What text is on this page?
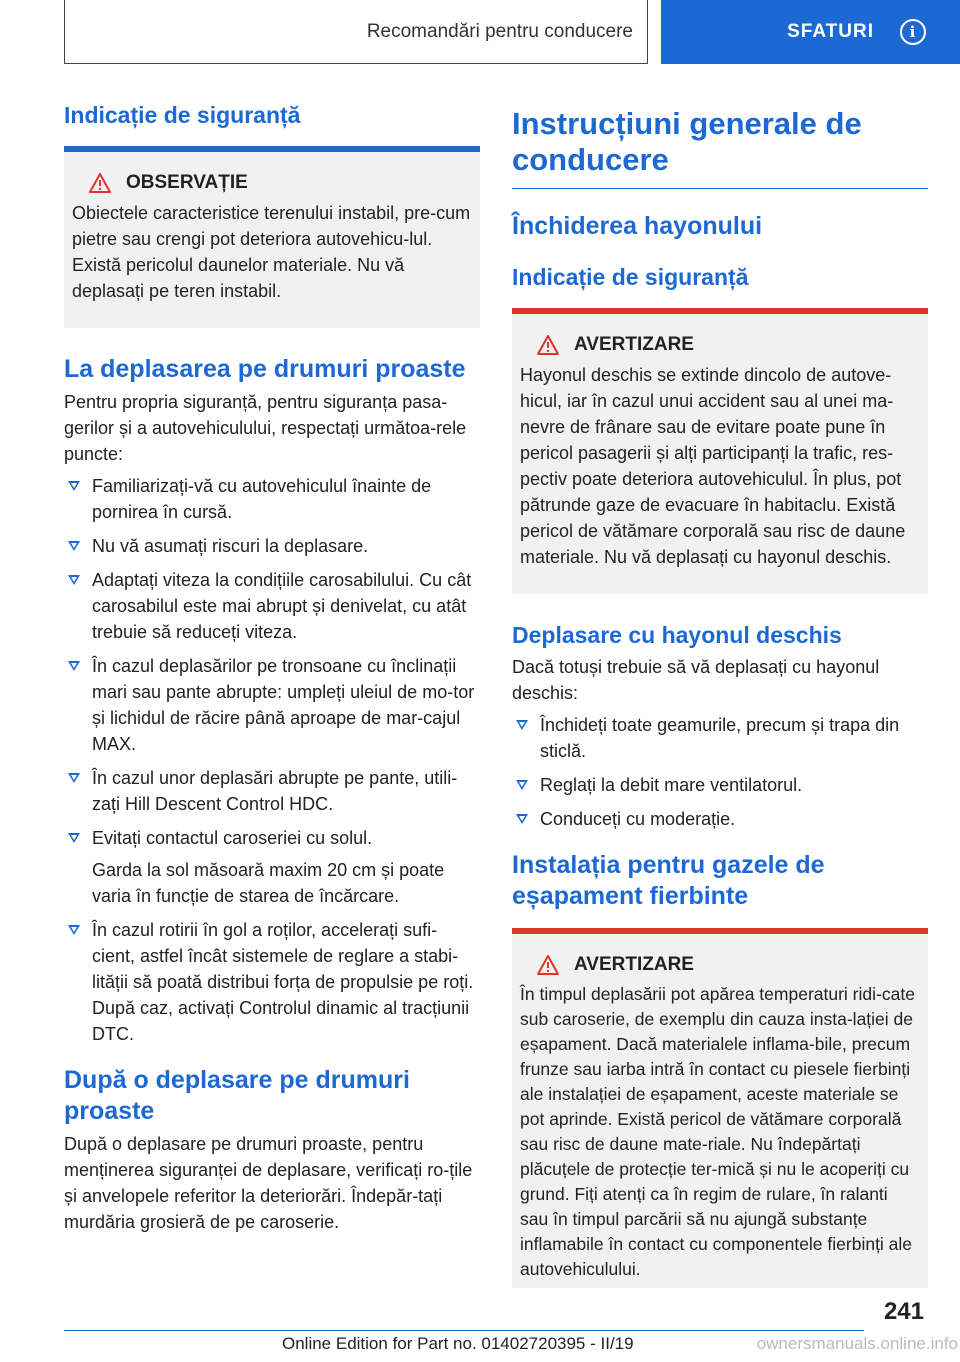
Recomandări pentru conducere	SFATURI	i
Indicație de siguranță
OBSERVAȚIE

Obiectele caracteristice terenului instabil, pre-cum pietre sau crengi pot deteriora autovehicu-lul. Există pericolul daunelor materiale. Nu vă deplasați pe teren instabil.

La deplasarea pe drumuri proaste

Pentru propria siguranță, pentru siguranța pasa-gerilor și a autovehiculului, respectați următoa-rele puncte:

Familiarizați-vă cu autovehiculul înainte de pornirea în cursă.
Nu vă asumați riscuri la deplasare.
Adaptați viteza la condițiile carosabilului. Cu cât carosabilul este mai abrupt și denivelat, cu atât trebuie să reduceți viteza.
În cazul deplasărilor pe tronsoane cu înclinații mari sau pante abrupte: umpleți uleiul de mo-tor și lichidul de răcire până aproape de mar-cajul MAX.
În cazul unor deplasări abrupte pe pante, utili-zați Hill Descent Control HDC.
Evitați contactul caroseriei cu solul.

Garda la sol măsoară maxim 20 cm și poate varia în funcție de starea de încărcare.

În cazul rotirii în gol a roților, accelerați sufi-cient, astfel încât sistemele de reglare a stabi-lității să poată distribui forța de propulsie pe roți. După caz, activați Controlul dinamic al tracțiunii DTC.
După o deplasare pe drumuri proaste

După o deplasare pe drumuri proaste, pentru menținerea siguranței de deplasare, verificați ro-țile și anvelopele referitor la deteriorări. Îndepăr-tați murdăria grosieră de pe caroserie.

Instrucțiuni generale de conducere
Închiderea hayonului
Indicație de siguranță
AVERTIZARE

Hayonul deschis se extinde dincolo de autove-hicul, iar în cazul unui accident sau al unei ma-nevre de frânare sau de evitare poate pune în pericol pasagerii și alți participanți la trafic, res-pectiv poate deteriora autovehiculul. În plus, pot pătrunde gaze de evacuare în habitaclu. Există pericol de vătămare corporală sau risc de daune materiale. Nu vă deplasați cu hayonul deschis.

Deplasare cu hayonul deschis

Dacă totuși trebuie să vă deplasați cu hayonul deschis:

Închideți toate geamurile, precum și trapa din sticlă.
Reglați la debit mare ventilatorul.
Conduceți cu moderație.
Instalația pentru gazele de eșapament fierbinte
AVERTIZARE

În timpul deplasării pot apărea temperaturi ridi-cate sub caroserie, de exemplu din cauza insta-lației de eșapament. Dacă materialele inflama-bile, precum frunze sau iarba intră în contact cu piesele fierbinți ale instalației de eșapament, aceste materiale se pot aprinde. Există pericol de vătămare corporală sau risc de daune mate-riale. Nu îndepărtați plăcuțele de protecție ter-mică și nu le acoperiți cu grund. Fiți atenți ca în regim de rulare, în ralanti sau în timpul parcării să nu ajungă substanțe inflamabile în contact cu componentele fierbinți ale autovehiculului.

241
Online Edition for Part no. 01402720395 - II/19	ownersmanuals.online.info
